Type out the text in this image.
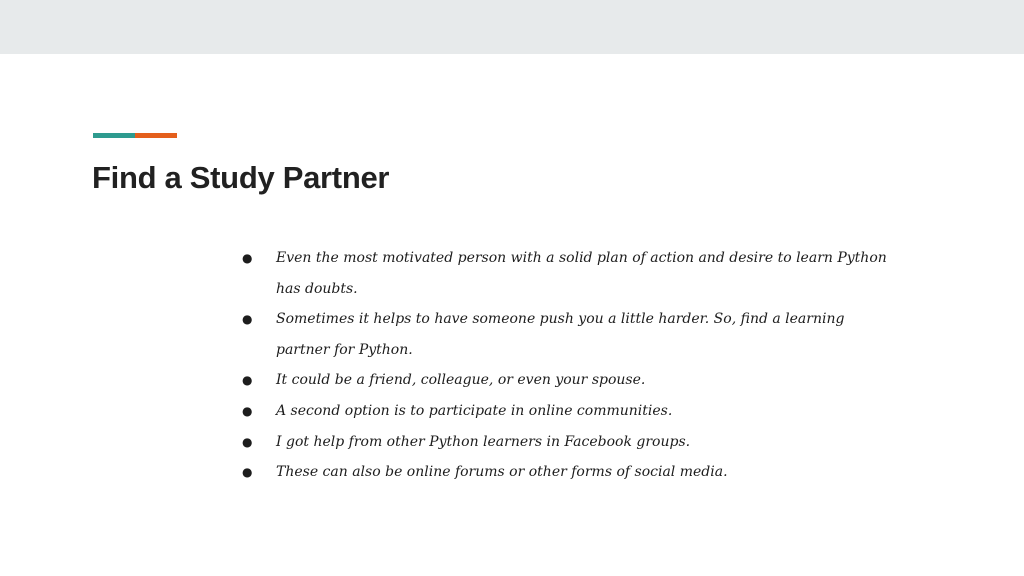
Find a Study Partner
●	Even the most motivated person with a solid plan of action and desire to learn Python has doubts.
●	Sometimes it helps to have someone push you a little harder. So, find a learning partner for Python.
●	It could be a friend, colleague, or even your spouse.
●	A second option is to participate in online communities.
●	I got help from other Python learners in Facebook groups.
●	These can also be online forums or other forms of social media.
